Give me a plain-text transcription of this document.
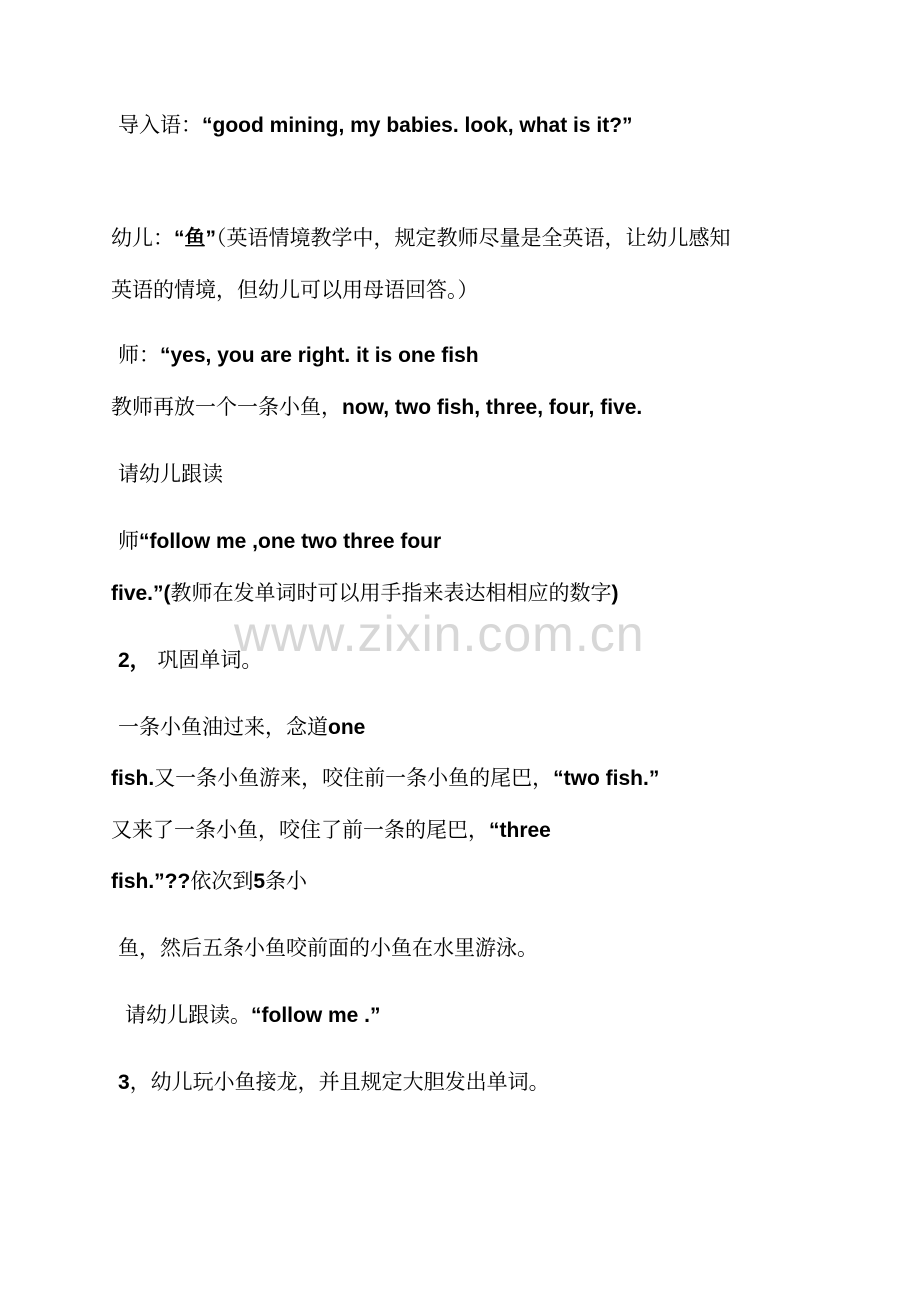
导入语：“good mining, my babies. look, what is it?”
幼儿：“鱼”（英语情境教学中，规定教师尽量是全英语，让幼儿感知
英语的情境，但幼儿可以用母语回答。）
师：“yes, you are right. it is one fish
教师再放一个一条小鱼，now, two fish, three, four, five.
请幼儿跟读
师“follow me ,one two three four
five.”(教师在发单词时可以用手指来表达相相应的数字)
www.zixin.com.cn
2， 巩固单词。
一条小鱼油过来，念道one
fish.又一条小鱼游来，咬住前一条小鱼的尾巴，“two fish.”
又来了一条小鱼，咬住了前一条的尾巴，“three
fish.”??依次到5条小
鱼，然后五条小鱼咬前面的小鱼在水里游泳。
请幼儿跟读。“follow me .”
3，幼儿玩小鱼接龙，并且规定大胆发出单词。
